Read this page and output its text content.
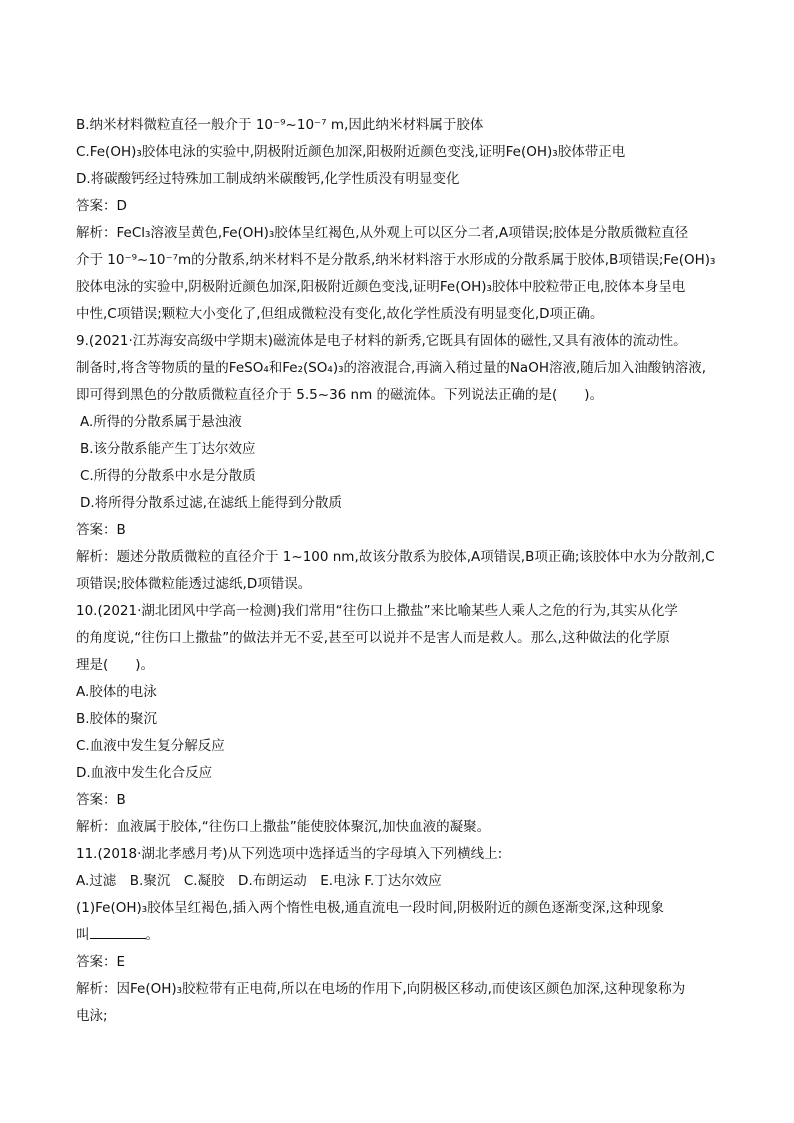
B.纳米材料微粒直径一般介于 10⁻⁹~10⁻⁷ m,因此纳米材料属于胶体
C.Fe(OH)₃胶体电泳的实验中,阴极附近颜色加深,阳极附近颜色变浅,证明Fe(OH)₃胶体带正电
D.将碳酸钙经过特殊加工制成纳米碳酸钙,化学性质没有明显变化
答案：D
解析：FeCl₃溶液呈黄色,Fe(OH)₃胶体呈红褐色,从外观上可以区分二者,A项错误;胶体是分散质微粒直径
介于 10⁻⁹~10⁻⁷m的分散系,纳米材料不是分散系,纳米材料溶于水形成的分散系属于胶体,B项错误;Fe(OH)₃
胶体电泳的实验中,阴极附近颜色加深,阳极附近颜色变浅,证明Fe(OH)₃胶体中胶粒带正电,胶体本身呈电
中性,C项错误;颗粒大小变化了,但组成微粒没有变化,故化学性质没有明显变化,D项正确。
9.(2021·江苏海安高级中学期末)磁流体是电子材料的新秀,它既具有固体的磁性,又具有液体的流动性。
制备时,将含等物质的量的FeSO₄和Fe₂(SO₄)₃的溶液混合,再滴入稍过量的NaOH溶液,随后加入油酸钠溶液,
即可得到黑色的分散质微粒直径介于 5.5~36 nm 的磁流体。下列说法正确的是(　　)。
A.所得的分散系属于悬浊液
B.该分散系能产生丁达尔效应
C.所得的分散系中水是分散质
D.将所得分散系过滤,在滤纸上能得到分散质
答案：B
解析：题述分散质微粒的直径介于 1~100 nm,故该分散系为胶体,A项错误,B项正确;该胶体中水为分散剂,C
项错误;胶体微粒能透过滤纸,D项错误。
10.(2021·湖北团风中学高一检测)我们常用“往伤口上撒盐”来比喻某些人乘人之危的行为,其实从化学
的角度说,“往伤口上撒盐”的做法并无不妥,甚至可以说并不是害人而是救人。那么,这种做法的化学原
理是(　　)。
A.胶体的电泳
B.胶体的聚沉
C.血液中发生复分解反应
D.血液中发生化合反应
答案：B
解析：血液属于胶体,“往伤口上撒盐”能使胶体聚沉,加快血液的凝聚。
11.(2018·湖北孝感月考)从下列选项中选择适当的字母填入下列横线上:
A.过滤　B.聚沉　C.凝胶　D.布朗运动　E.电泳 F.丁达尔效应
(1)Fe(OH)₃胶体呈红褐色,插入两个惰性电极,通直流电一段时间,阴极附近的颜色逐渐变深,这种现象
叫	。
答案：E
解析：因Fe(OH)₃胶粒带有正电荷,所以在电场的作用下,向阴极区移动,而使该区颜色加深,这种现象称为
电泳;
